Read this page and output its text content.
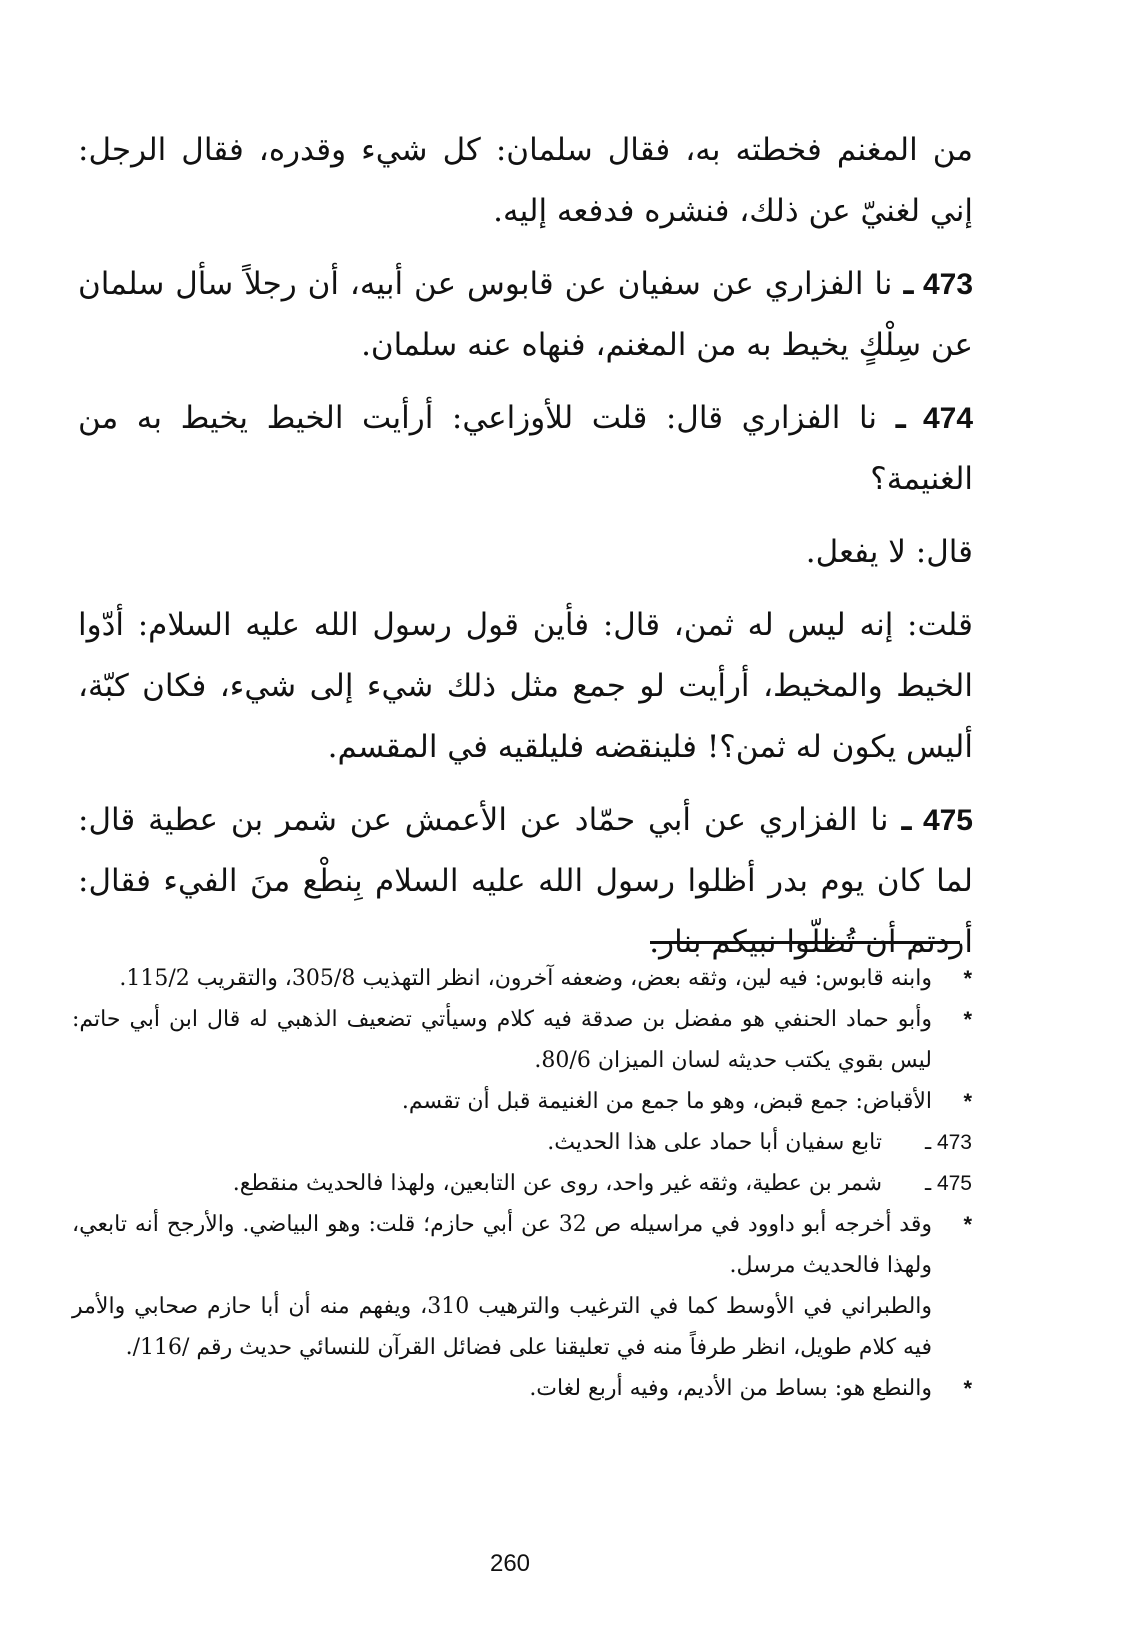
من المغنم فخطته به، فقال سلمان: كل شيء وقدره، فقال الرجل: إني لغنيّ عن ذلك، فنشره فدفعه إليه.

473 ـ نا الفزاري عن سفيان عن قابوس عن أبيه، أن رجلاً سأل سلمان عن سِلْكٍ يخيط به من المغنم، فنهاه عنه سلمان.

474 ـ نا الفزاري قال: قلت للأوزاعي: أرأيت الخيط يخيط به من الغنيمة؟

قال: لا يفعل.

قلت: إنه ليس له ثمن، قال: فأين قول رسول الله عليه السلام: أدّوا الخيط والمخيط، أرأيت لو جمع مثل ذلك شيء إلى شيء، فكان كبّة، أليس يكون له ثمن؟! فلينقضه فليلقيه في المقسم.

475 ـ نا الفزاري عن أبي حمّاد عن الأعمش عن شمر بن عطية قال: لما كان يوم بدر أظلوا رسول الله عليه السلام بِنطْع منَ الفيء فقال: أردتم أن تُظلّوا نبيكم بنار.

*
وابنه قابوس: فيه لين، وثقه بعض، وضعفه آخرون، انظر التهذيب 305/8، والتقريب 115/2.
*
وأبو حماد الحنفي هو مفضل بن صدقة فيه كلام وسيأتي تضعيف الذهبي له قال ابن أبي حاتم: ليس بقوي يكتب حديثه لسان الميزان 80/6.
*
الأقباض: جمع قبض، وهو ما جمع من الغنيمة قبل أن تقسم.
473 ـ
تابع سفيان أبا حماد على هذا الحديث.
475 ـ
شمر بن عطية، وثقه غير واحد، روى عن التابعين، ولهذا فالحديث منقطع.
*
وقد أخرجه أبو داوود في مراسيله ص 32 عن أبي حازم؛ قلت: وهو البياضي. والأرجح أنه تابعي، ولهذا فالحديث مرسل.
والطبراني في الأوسط كما في الترغيب والترهيب 310، ويفهم منه أن أبا حازم صحابي والأمر فيه كلام طويل، انظر طرفاً منه في تعليقنا على فضائل القرآن للنسائي حديث رقم /116/.
*
والنطع هو: بساط من الأديم، وفيه أربع لغات.
260
